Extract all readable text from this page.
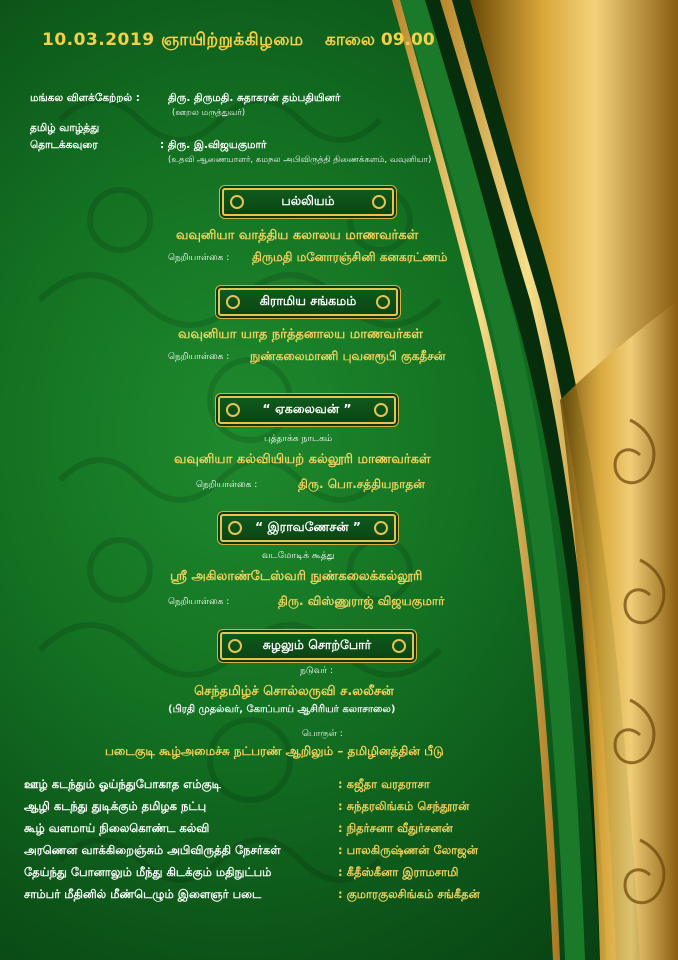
10.03.2019 ஞாயிற்றுக்கிழமை காலை 09.00
மங்கல விளக்கேற்றல் :	திரு. திருமதி. சுதாகரன் தம்பதியினர்
(ஊறல மருத்துவர்)
தமிழ் வாழ்த்து
தொடக்கவுரை	: திரு. இ.விஜயகுமார்
(உதவி ஆணையாளர், கமநல அபிவிருத்தி திணைக்களம், வவுனியா)
பல்லியம்
வவுனியா வாத்திய கலாலய மாணவர்கள்
நெறியாள்கை : திருமதி மனோரஞ்சினி கனகரட்ணம்
கிராமிய சங்கமம்
வவுனியா யாத நர்த்தனாலய மாணவர்கள்
நெறியாள்கை : நுண்கலைமாணி புவனரூபி குகதீசன்
“ ஏகலைவன் ”
புத்தாக்க நாடகம்
வவுனியா கல்வியியற் கல்லூரி மாணவர்கள்
நெறியாள்கை :	திரு. பொ.சத்தியநாதன்
“ இராவணேசன் ”
வடமோடிக் கூத்து
ஸ்ரீ அகிலாண்டேஸ்வரி நுண்கலைக்கல்லூரி
நெறியாள்கை :	திரு. விஸ்ணுராஜ் விஜயகுமார்
சுழலும் சொற்போர்
நடுவர் :
செந்தமிழ்ச் சொல்லருவி ச.லலீசன்
(பிரதி முதல்வர், கோப்பாய் ஆசிரியர் கலாசாலை)
பொருள் :
படைகுடி கூழ்அமைச்சு நட்பரண் ஆறிலும் – தமிழினத்தின் பீடு
ஊழ் கடந்தும் ஓய்ந்துபோகாத எம்குடி	: கஜீதா வரதராசா
ஆழி கடந்து துடிக்கும் தமிழக நட்பு	: சுந்தரலிங்கம் செந்தூரன்
கூழ் வளமாய் நிலைகொண்ட கல்வி	: நிதர்சனா வீதுர்சனன்
அரணென வாக்கிறைஞ்சும் அபிவிருத்தி நேசர்கள்	: பாலகிருஷ்ணன் லோஜன்
தேய்ந்து போனாலும் மீந்து கிடக்கும் மதிநுட்பம்	: கீதீஸ்கீனா இராமசாமி
சாம்பர் மீதினில் மீண்டெழும் இளைஞர் படை	: குமாரகுலசிங்கம் சங்கீதன்
